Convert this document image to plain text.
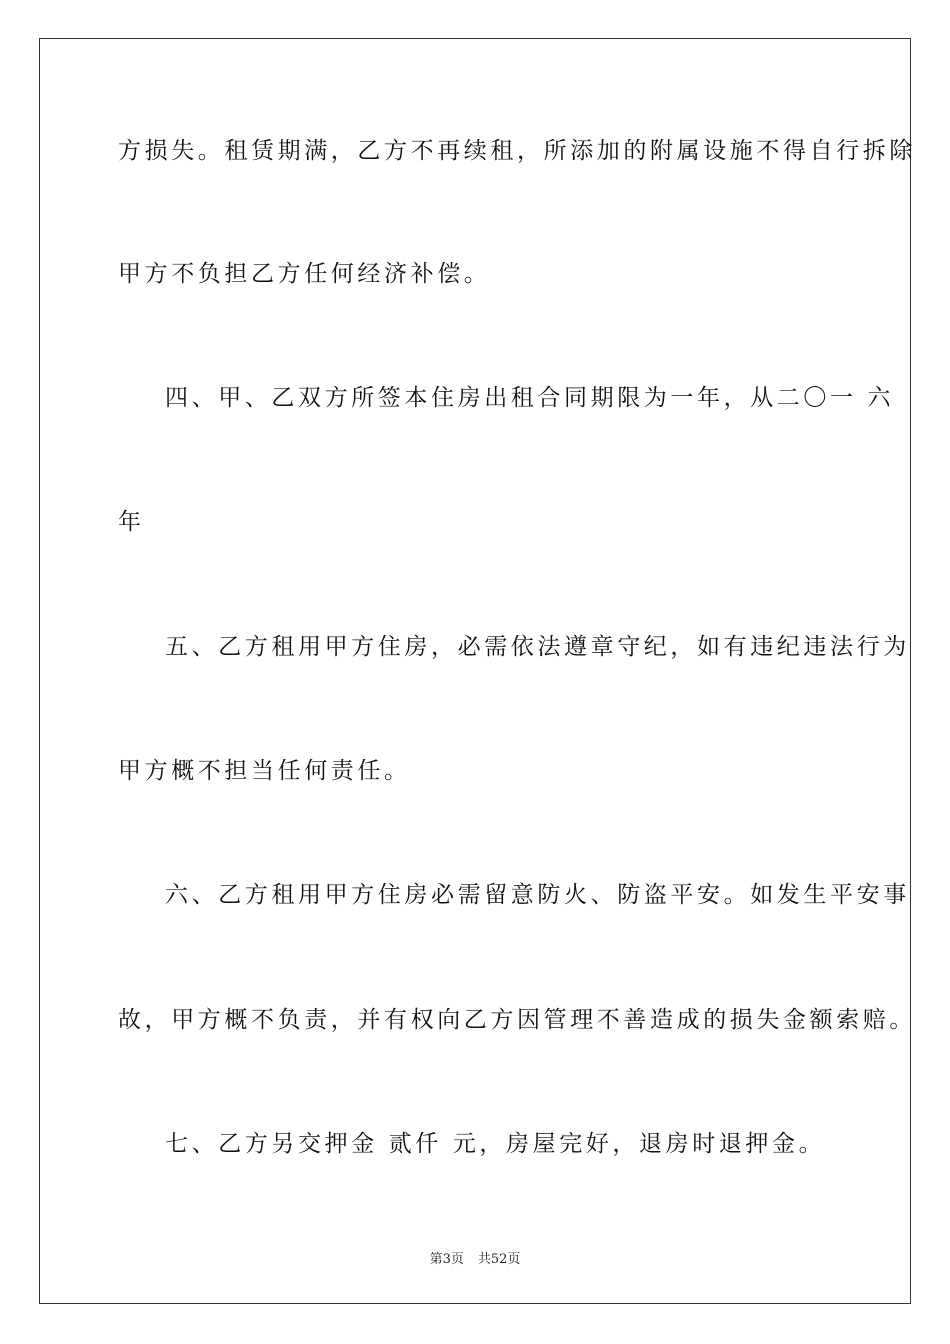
方损失。租赁期满，乙方不再续租，所添加的附属设施不得自行拆除
甲方不负担乙方任何经济补偿。
四、甲、乙双方所签本住房出租合同期限为一年，从二〇一 六
年
五、乙方租用甲方住房，必需依法遵章守纪，如有违纪违法行为
甲方概不担当任何责任。
六、乙方租用甲方住房必需留意防火、防盗平安。如发生平安事
故，甲方概不负责，并有权向乙方因管理不善造成的损失金额索赔。
七、乙方另交押金 贰仟 元，房屋完好，退房时退押金。
第3页 共52页
